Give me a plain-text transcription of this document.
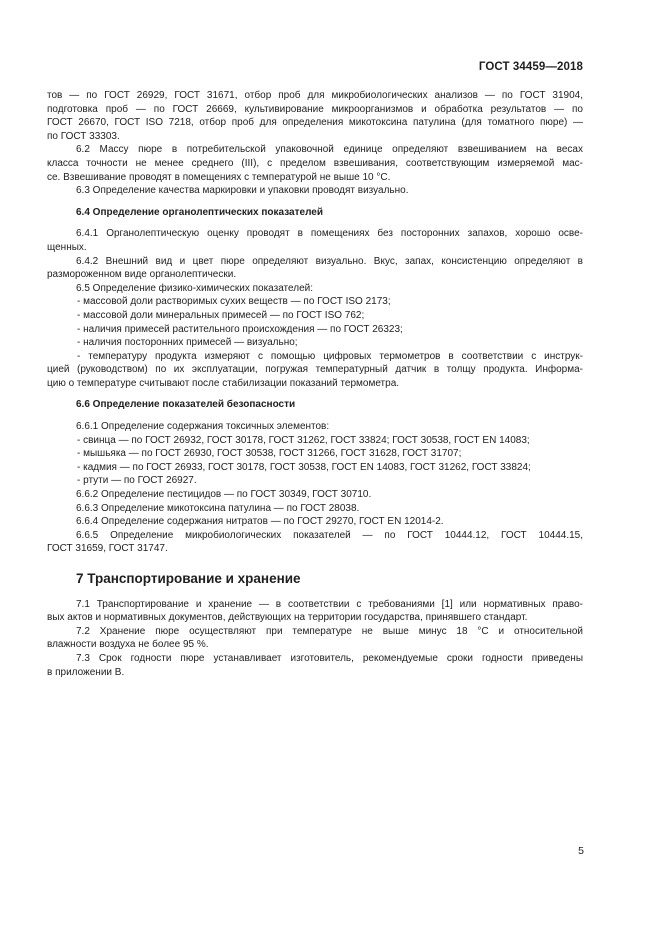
ГОСТ 34459—2018
тов — по ГОСТ 26929, ГОСТ 31671, отбор проб для микробиологических анализов — по ГОСТ 31904,
подготовка проб — по ГОСТ 26669, культивирование микроорганизмов и обработка результатов — по
ГОСТ 26670, ГОСТ ISO 7218, отбор проб для определения микотоксина патулина (для томатного пюре) —
по ГОСТ 33303.
6.2 Массу пюре в потребительской упаковочной единице определяют взвешиванием на весах
класса точности не менее среднего (III), с пределом взвешивания, соответствующим измеряемой мас-
се. Взвешивание проводят в помещениях с температурой не выше 10 °C.
6.3 Определение качества маркировки и упаковки проводят визуально.
6.4 Определение органолептических показателей
6.4.1 Органолептическую оценку проводят в помещениях без посторонних запахов, хорошо осве-
щенных.
6.4.2 Внешний вид и цвет пюре определяют визуально. Вкус, запах, консистенцию определяют в
размороженном виде органолептически.
6.5 Определение физико-химических показателей:
- массовой доли растворимых сухих веществ — по ГОСТ ISO 2173;
- массовой доли минеральных примесей — по ГОСТ ISO 762;
- наличия примесей растительного происхождения — по ГОСТ 26323;
- наличия посторонних примесей — визуально;
- температуру продукта измеряют с помощью цифровых термометров в соответствии с инструк-
цией (руководством) по их эксплуатации, погружая температурный датчик в толщу продукта. Информа-
цию о температуре считывают после стабилизации показаний термометра.
6.6 Определение показателей безопасности
6.6.1 Определение содержания токсичных элементов:
- свинца — по ГОСТ 26932, ГОСТ 30178, ГОСТ 31262, ГОСТ 33824; ГОСТ 30538, ГОСТ EN 14083;
- мышьяка — по ГОСТ 26930, ГОСТ 30538, ГОСТ 31266, ГОСТ 31628, ГОСТ 31707;
- кадмия — по ГОСТ 26933, ГОСТ 30178, ГОСТ 30538, ГОСТ EN 14083, ГОСТ 31262, ГОСТ 33824;
- ртути — по ГОСТ 26927.
6.6.2 Определение пестицидов — по ГОСТ 30349, ГОСТ 30710.
6.6.3 Определение микотоксина патулина — по ГОСТ 28038.
6.6.4 Определение содержания нитратов — по ГОСТ 29270, ГОСТ EN 12014-2.
6.6.5 Определение микробиологических показателей — по ГОСТ 10444.12, ГОСТ 10444.15,
ГОСТ 31659, ГОСТ 31747.
7 Транспортирование и хранение
7.1 Транспортирование и хранение — в соответствии с требованиями [1] или нормативных право-
вых актов и нормативных документов, действующих на территории государства, принявшего стандарт.
7.2 Хранение пюре осуществляют при температуре не выше минус 18 °C и относительной
влажности воздуха не более 95 %.
7.3 Срок годности пюре устанавливает изготовитель, рекомендуемые сроки годности приведены
в приложении В.
5
